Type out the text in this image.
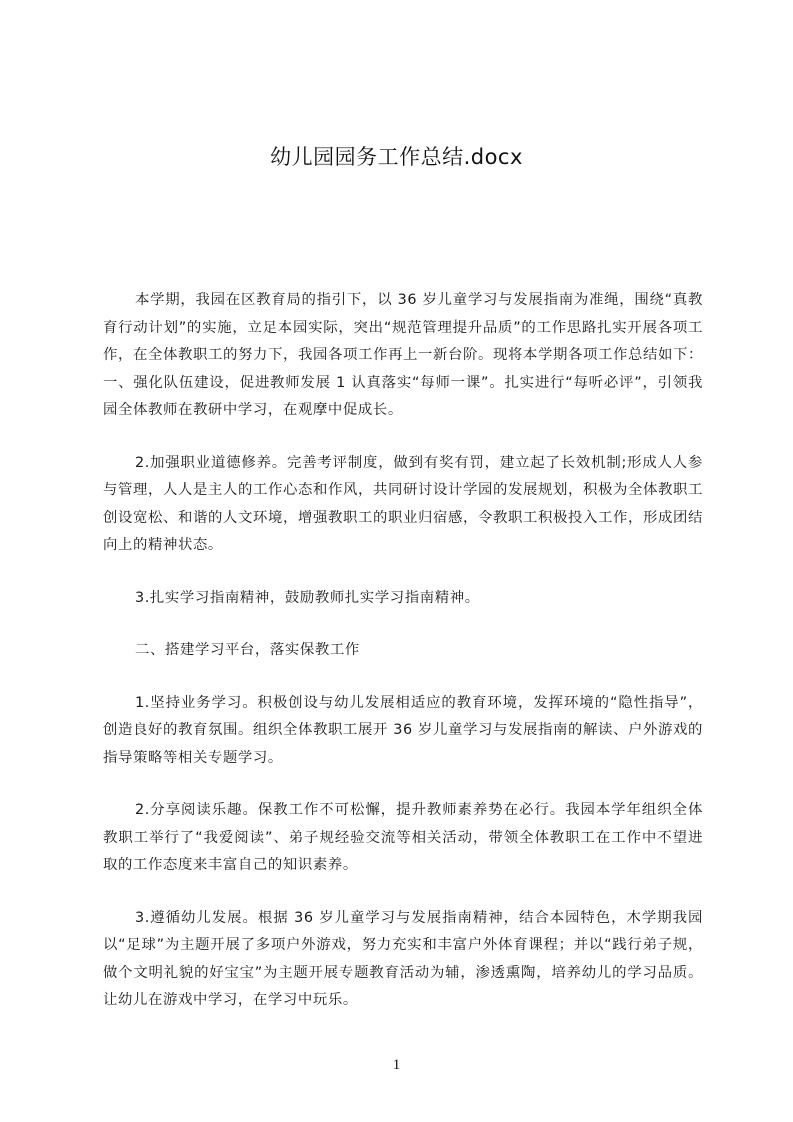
幼儿园园务工作总结.docx

本学期，我园在区教育局的指引下，以 36 岁儿童学习与发展指南为准绳，围绕“真教育行动计划”的实施，立足本园实际，突出“规范管理提升品质”的工作思路扎实开展各项工作，在全体教职工的努力下，我园各项工作再上一新台阶。现将本学期各项工作总结如下：一、强化队伍建设，促进教师发展 1 认真落实“每师一课”。扎实进行“每听必评”，引领我园全体教师在教研中学习，在观摩中促成长。

2.加强职业道德修养。完善考评制度，做到有奖有罚，建立起了长效机制;形成人人参与管理，人人是主人的工作心态和作风，共同研讨设计学园的发展规划，积极为全体教职工创设宽松、和谐的人文环境，增强教职工的职业归宿感，令教职工积极投入工作，形成团结向上的精神状态。

3.扎实学习指南精神，鼓励教师扎实学习指南精神。

二、搭建学习平台，落实保教工作

1.坚持业务学习。积极创设与幼儿发展相适应的教育环境，发挥环境的“隐性指导”，创造良好的教育氛围。组织全体教职工展开 36 岁儿童学习与发展指南的解读、户外游戏的指导策略等相关专题学习。

2.分享阅读乐趣。保教工作不可松懈，提升教师素养势在必行。我园本学年组织全体教职工举行了“我爱阅读”、弟子规经验交流等相关活动，带领全体教职工在工作中不望进取的工作态度来丰富自己的知识素养。

3.遵循幼儿发展。根据 36 岁儿童学习与发展指南精神，结合本园特色，木学期我园以“足球”为主题开展了多项户外游戏，努力充实和丰富户外体育课程；并以“践行弟子规，做个文明礼貌的好宝宝”为主题开展专题教育活动为辅，渗透熏陶，培养幼儿的学习品质。让幼儿在游戏中学习，在学习中玩乐。

1
